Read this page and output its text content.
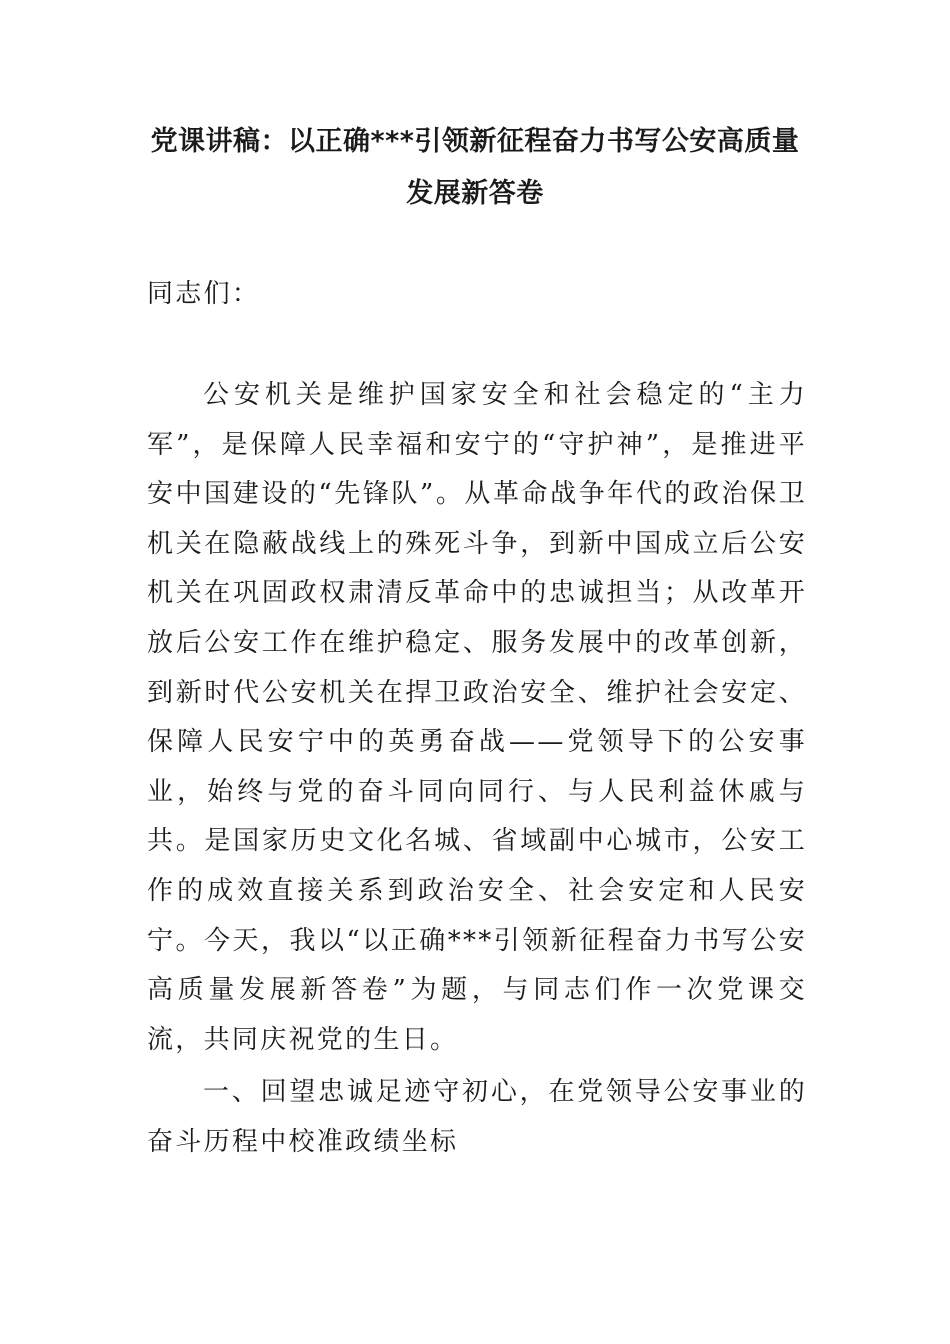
党课讲稿：以正确***引领新征程奋力书写公安高质量发展新答卷

同志们：

公安机关是维护国家安全和社会稳定的“主力军”，是保障人民幸福和安宁的“守护神”，是推进平安中国建设的“先锋队”。从革命战争年代的政治保卫机关在隐蔽战线上的殊死斗争，到新中国成立后公安机关在巩固政权肃清反革命中的忠诚担当；从改革开放后公安工作在维护稳定、服务发展中的改革创新，到新时代公安机关在捍卫政治安全、维护社会安定、保障人民安宁中的英勇奋战——党领导下的公安事业，始终与党的奋斗同向同行、与人民利益休戚与共。是国家历史文化名城、省域副中心城市，公安工作的成效直接关系到政治安全、社会安定和人民安宁。今天，我以“以正确***引领新征程奋力书写公安高质量发展新答卷”为题，与同志们作一次党课交流，共同庆祝党的生日。

一、回望忠诚足迹守初心，在党领导公安事业的奋斗历程中校准政绩坐标
